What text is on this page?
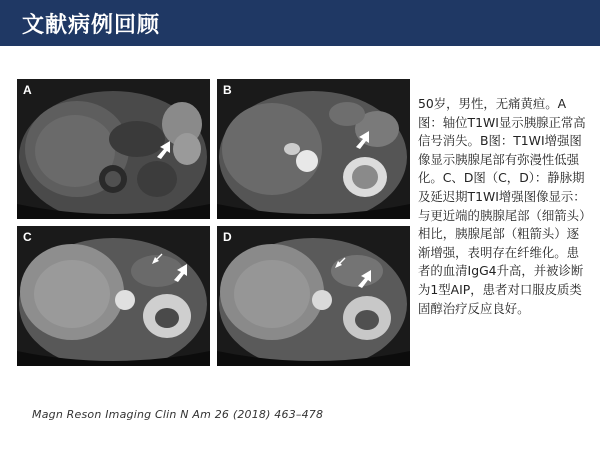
文献病例回顾
A	B
C	D
50岁，男性，无痛黄疸。A图：轴位T1WI显示胰腺正常高信号消失。B图：T1WI增强图像显示胰腺尾部有弥漫性低强化。C、D图（C，D）：静脉期及延迟期T1WI增强图像显示：与更近端的胰腺尾部（细箭头）相比，胰腺尾部（粗箭头）逐渐增强，表明存在纤维化。患者的血清IgG4升高，并被诊断为1型AIP，患者对口服皮质类固醇治疗反应良好。
Magn Reson Imaging Clin N Am 26 (2018) 463–478
